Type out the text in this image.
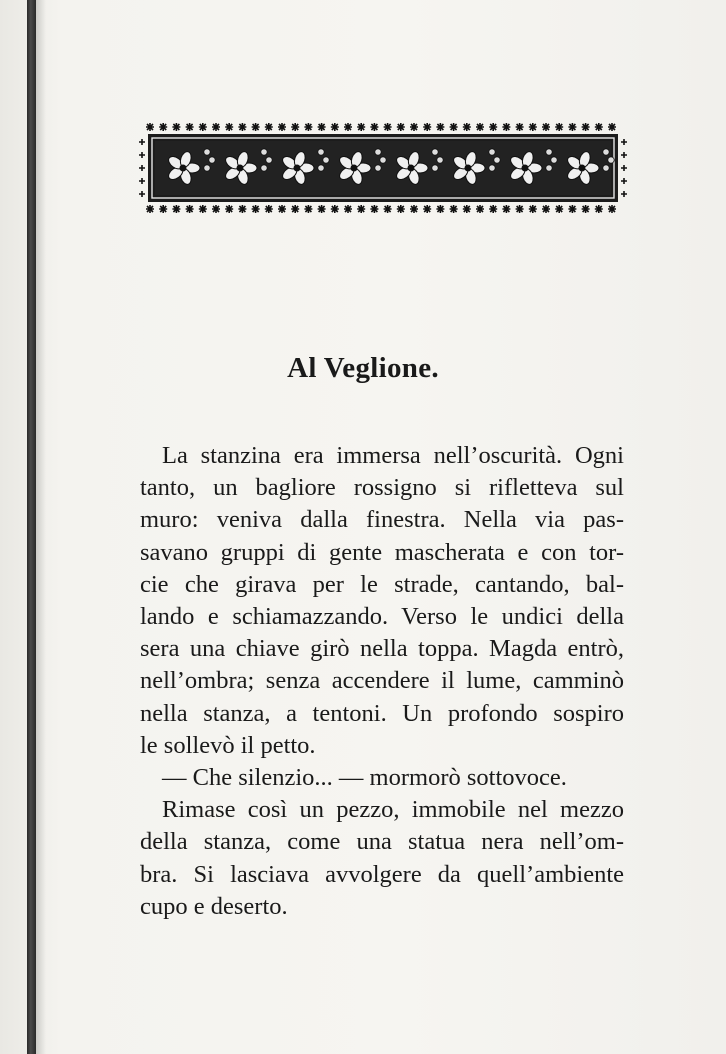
Al Veglione.
La stanzina era immersa nell’oscurità. Ogni
tanto, un bagliore rossigno si rifletteva sul
muro: veniva dalla finestra. Nella via pas-
savano gruppi di gente mascherata e con tor-
cie che girava per le strade, cantando, bal-
lando e schiamazzando. Verso le undici della
sera una chiave girò nella toppa. Magda entrò,
nell’ombra; senza accendere il lume, camminò
nella stanza, a tentoni. Un profondo sospiro
le sollevò il petto.
— Che silenzio... — mormorò sottovoce.
Rimase così un pezzo, immobile nel mezzo
della stanza, come una statua nera nell’om-
bra. Si lasciava avvolgere da quell’ambiente
cupo e deserto.
